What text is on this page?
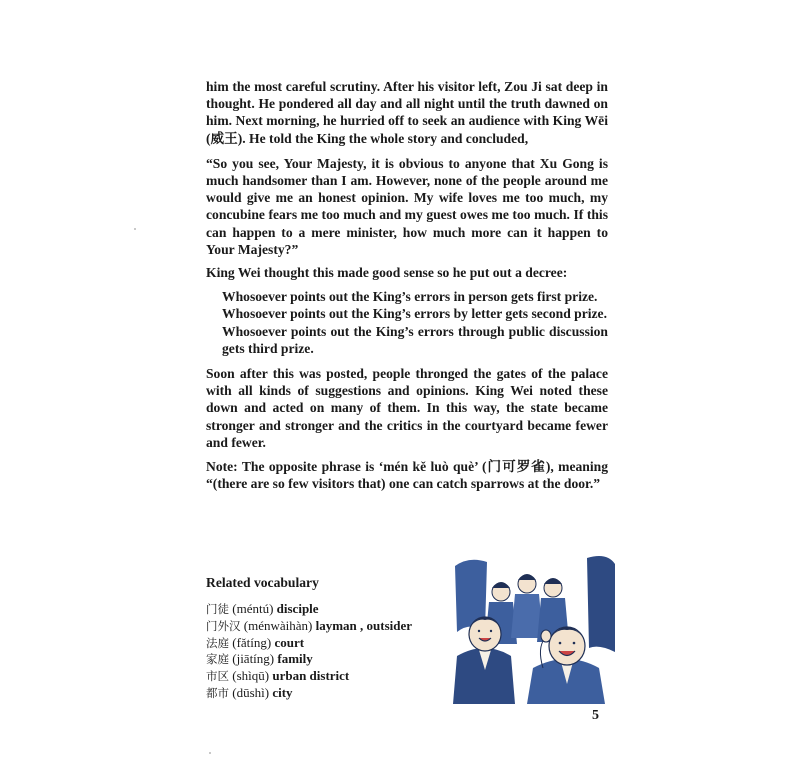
him the most careful scrutiny. After his visitor left, Zou Ji sat deep in thought. He pondered all day and all night until the truth dawned on him. Next morning, he hurried off to seek an audience with King Wēi (威王). He told the King the whole story and concluded,

“So you see, Your Majesty, it is obvious to anyone that Xu Gong is much handsomer than I am. However, none of the people around me would give me an honest opinion. My wife loves me too much, my concubine fears me too much and my guest owes me too much. If this can happen to a mere minister, how much more can it happen to Your Majesty?”

King Wei thought this made good sense so he put out a decree:

Whosoever points out the King’s errors in person gets first prize.

Whosoever points out the King’s errors by letter gets second prize.

Whosoever points out the King’s errors through public discussion gets third prize.

Soon after this was posted, people thronged the gates of the palace with all kinds of suggestions and opinions. King Wei noted these down and acted on many of them. In this way, the state became stronger and stronger and the critics in the courtyard became fewer and fewer.

Note: The opposite phrase is ‘mén kě luò què’ (门可罗雀), meaning “(there are so few visitors that) one can catch sparrows at the door.”

Related vocabulary

门徒 (méntú) disciple
门外汉 (ménwàihàn) layman , outsider
法庭 (fǎtíng) court
家庭 (jiātíng) family
市区 (shìqū) urban district
都市 (dūshì) city
5
